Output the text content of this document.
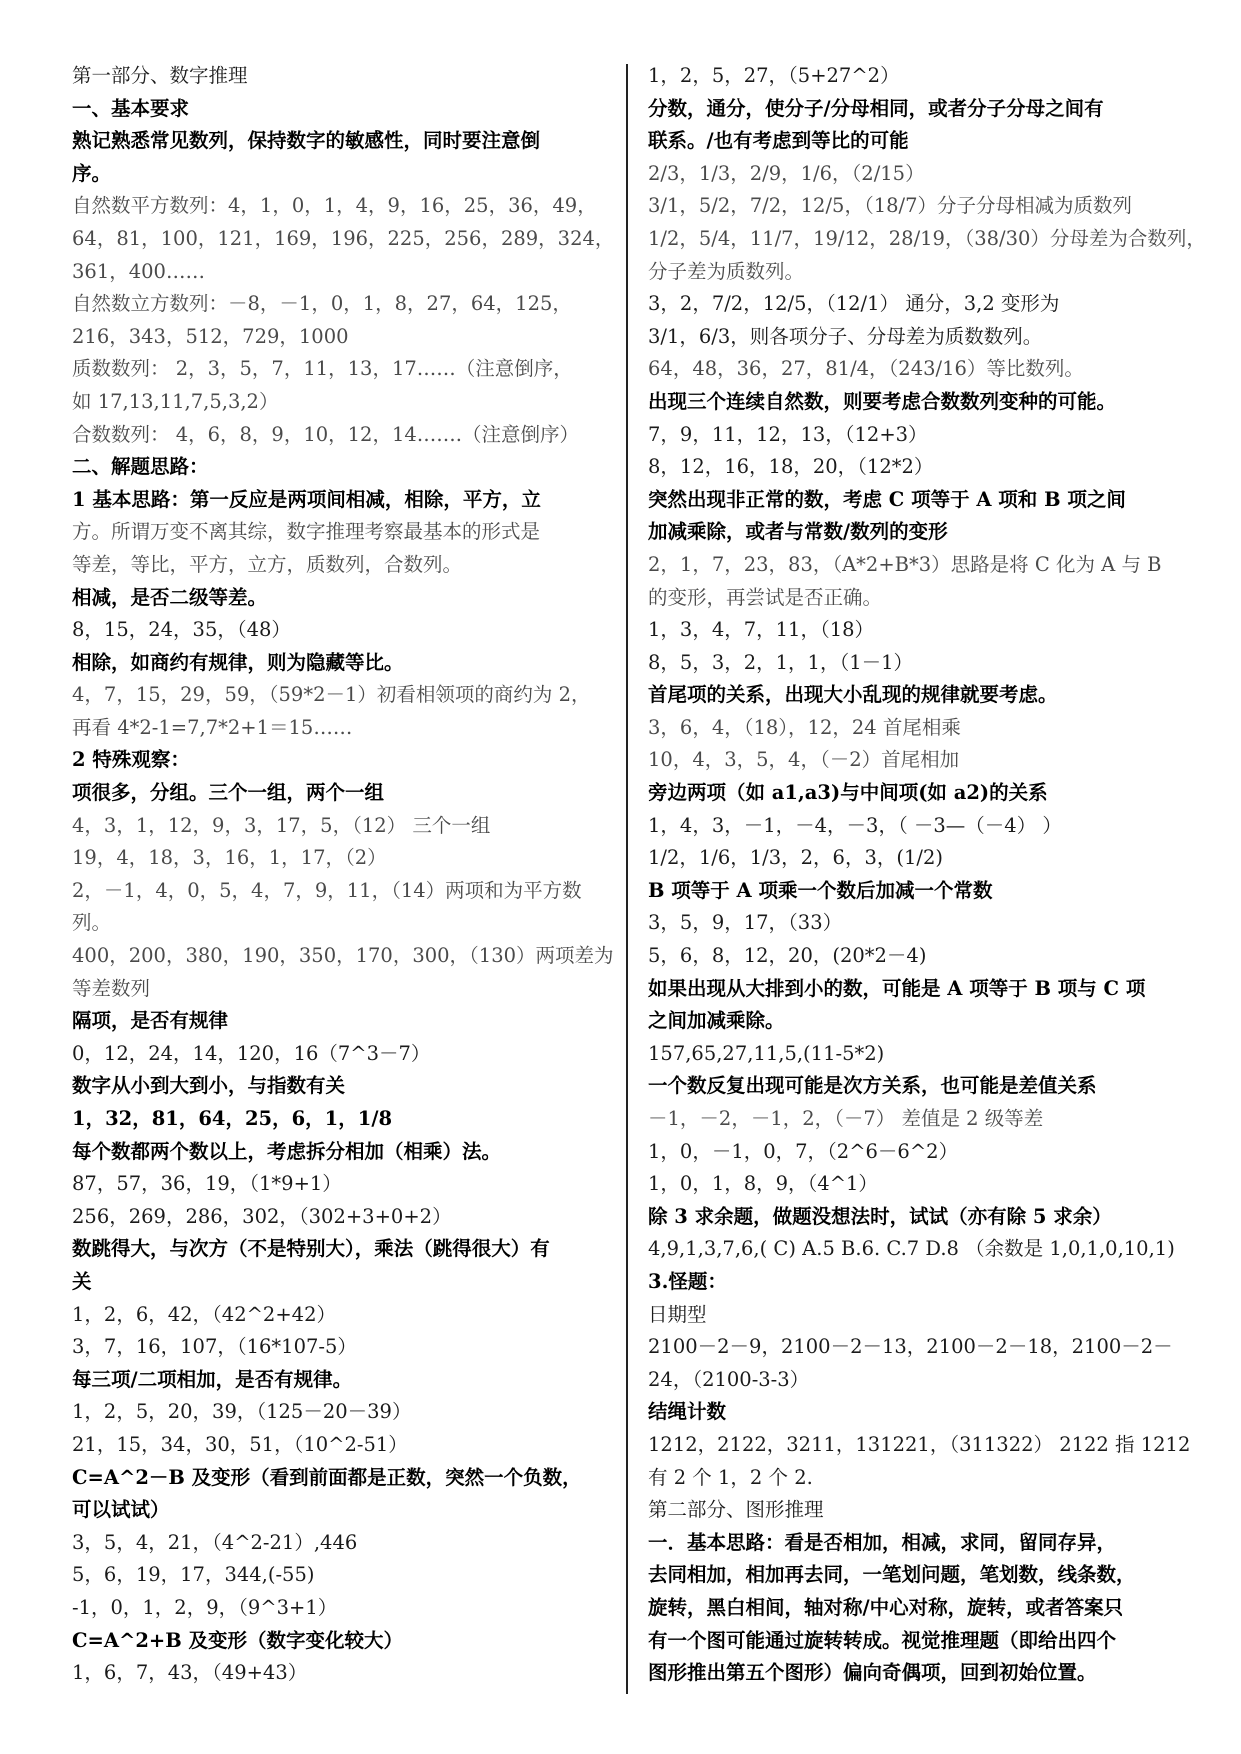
第一部分、数字推理
一、基本要求
熟记熟悉常见数列，保持数字的敏感性，同时要注意倒
序。
自然数平方数列：4，1，0，1，4，9，16，25，36，49，
64，81，100，121，169，196，225，256，289，324，
361，400……
自然数立方数列：－8，－1，0，1，8，27，64，125，
216，343，512，729，1000
质数数列： 2，3，5，7，11，13，17……（注意倒序，
如 17,13,11,7,5,3,2）
合数数列： 4，6，8，9，10，12，14…….（注意倒序）
二、解题思路：
1 基本思路：第一反应是两项间相减，相除，平方，立
方。所谓万变不离其综，数字推理考察最基本的形式是
等差，等比，平方，立方，质数列，合数列。
相减，是否二级等差。
8，15，24，35，（48）
相除，如商约有规律，则为隐藏等比。
4，7，15，29，59，（59*2－1）初看相领项的商约为 2，
再看 4*2-1=7,7*2+1＝15……
2 特殊观察：
项很多，分组。三个一组，两个一组
4，3，1，12，9，3，17，5，（12） 三个一组
19，4，18，3，16，1，17，（2）
2，－1，4，0，5，4，7，9，11，（14）两项和为平方数
列。
400，200，380，190，350，170，300，（130）两项差为
等差数列
隔项，是否有规律
0，12，24，14，120，16（7^3－7）
数字从小到大到小，与指数有关
1，32，81，64，25，6，1，1/8
每个数都两个数以上，考虑拆分相加（相乘）法。
87，57，36，19，（1*9+1）
256，269，286，302，（302+3+0+2）
数跳得大，与次方（不是特别大），乘法（跳得很大）有
关
1，2，6，42，（42^2+42）
3，7，16，107，（16*107-5）
每三项/二项相加，是否有规律。
1，2，5，20，39，（125－20－39）
21，15，34，30，51，（10^2-51）
C=A^2－B 及变形（看到前面都是正数，突然一个负数，
可以试试）
3，5，4，21，（4^2-21）,446
5，6，19，17，344,(-55)
-1，0，1，2，9，（9^3+1）
C=A^2+B 及变形（数字变化较大）
1，6，7，43，（49+43）
1，2，5，27，（5+27^2）
分数，通分，使分子/分母相同，或者分子分母之间有
联系。/也有考虑到等比的可能
2/3，1/3，2/9，1/6，（2/15）
3/1，5/2，7/2，12/5，（18/7）分子分母相减为质数列
1/2，5/4，11/7，19/12，28/19，（38/30）分母差为合数列，
分子差为质数列。
3，2，7/2，12/5，（12/1） 通分，3,2 变形为
3/1，6/3，则各项分子、分母差为质数数列。
64，48，36，27，81/4，（243/16）等比数列。
出现三个连续自然数，则要考虑合数数列变种的可能。
7，9，11，12，13，（12+3）
8，12，16，18，20，（12*2）
突然出现非正常的数，考虑 C 项等于 A 项和 B 项之间
加减乘除，或者与常数/数列的变形
2，1，7，23，83，（A*2+B*3）思路是将 C 化为 A 与 B
的变形，再尝试是否正确。
1，3，4，7，11，（18）
8，5，3，2，1，1，（1－1）
首尾项的关系，出现大小乱现的规律就要考虑。
3，6，4，（18），12，24 首尾相乘
10，4，3，5，4，（－2）首尾相加
旁边两项（如 a1,a3)与中间项(如 a2)的关系
1，4，3，－1，－4，－3，（ －3—（－4） ）
1/2，1/6，1/3，2，6，3，(1/2)
B 项等于 A 项乘一个数后加减一个常数
3，5，9，17，（33）
5，6，8，12，20，(20*2－4)
如果出现从大排到小的数，可能是 A 项等于 B 项与 C 项
之间加减乘除。
157,65,27,11,5,(11-5*2)
一个数反复出现可能是次方关系，也可能是差值关系
－1，－2，－1，2，（－7） 差值是 2 级等差
1，0，－1，0，7，（2^6－6^2）
1，0，1，8，9，（4^1）
除 3 求余题，做题没想法时，试试（亦有除 5 求余）
4,9,1,3,7,6,( C) A.5 B.6. C.7 D.8 （余数是 1,0,1,0,10,1)
3.怪题：
日期型
2100－2－9，2100－2－13，2100－2－18，2100－2－
24，（2100-3-3）
结绳计数
1212，2122，3211，131221，（311322） 2122 指 1212
有 2 个 1，2 个 2.
第二部分、图形推理
一．基本思路：看是否相加，相减，求同，留同存异，
去同相加，相加再去同，一笔划问题，笔划数，线条数，
旋转，黑白相间，轴对称/中心对称，旋转，或者答案只
有一个图可能通过旋转转成。视觉推理题（即给出四个
图形推出第五个图形）偏向奇偶项，回到初始位置。
